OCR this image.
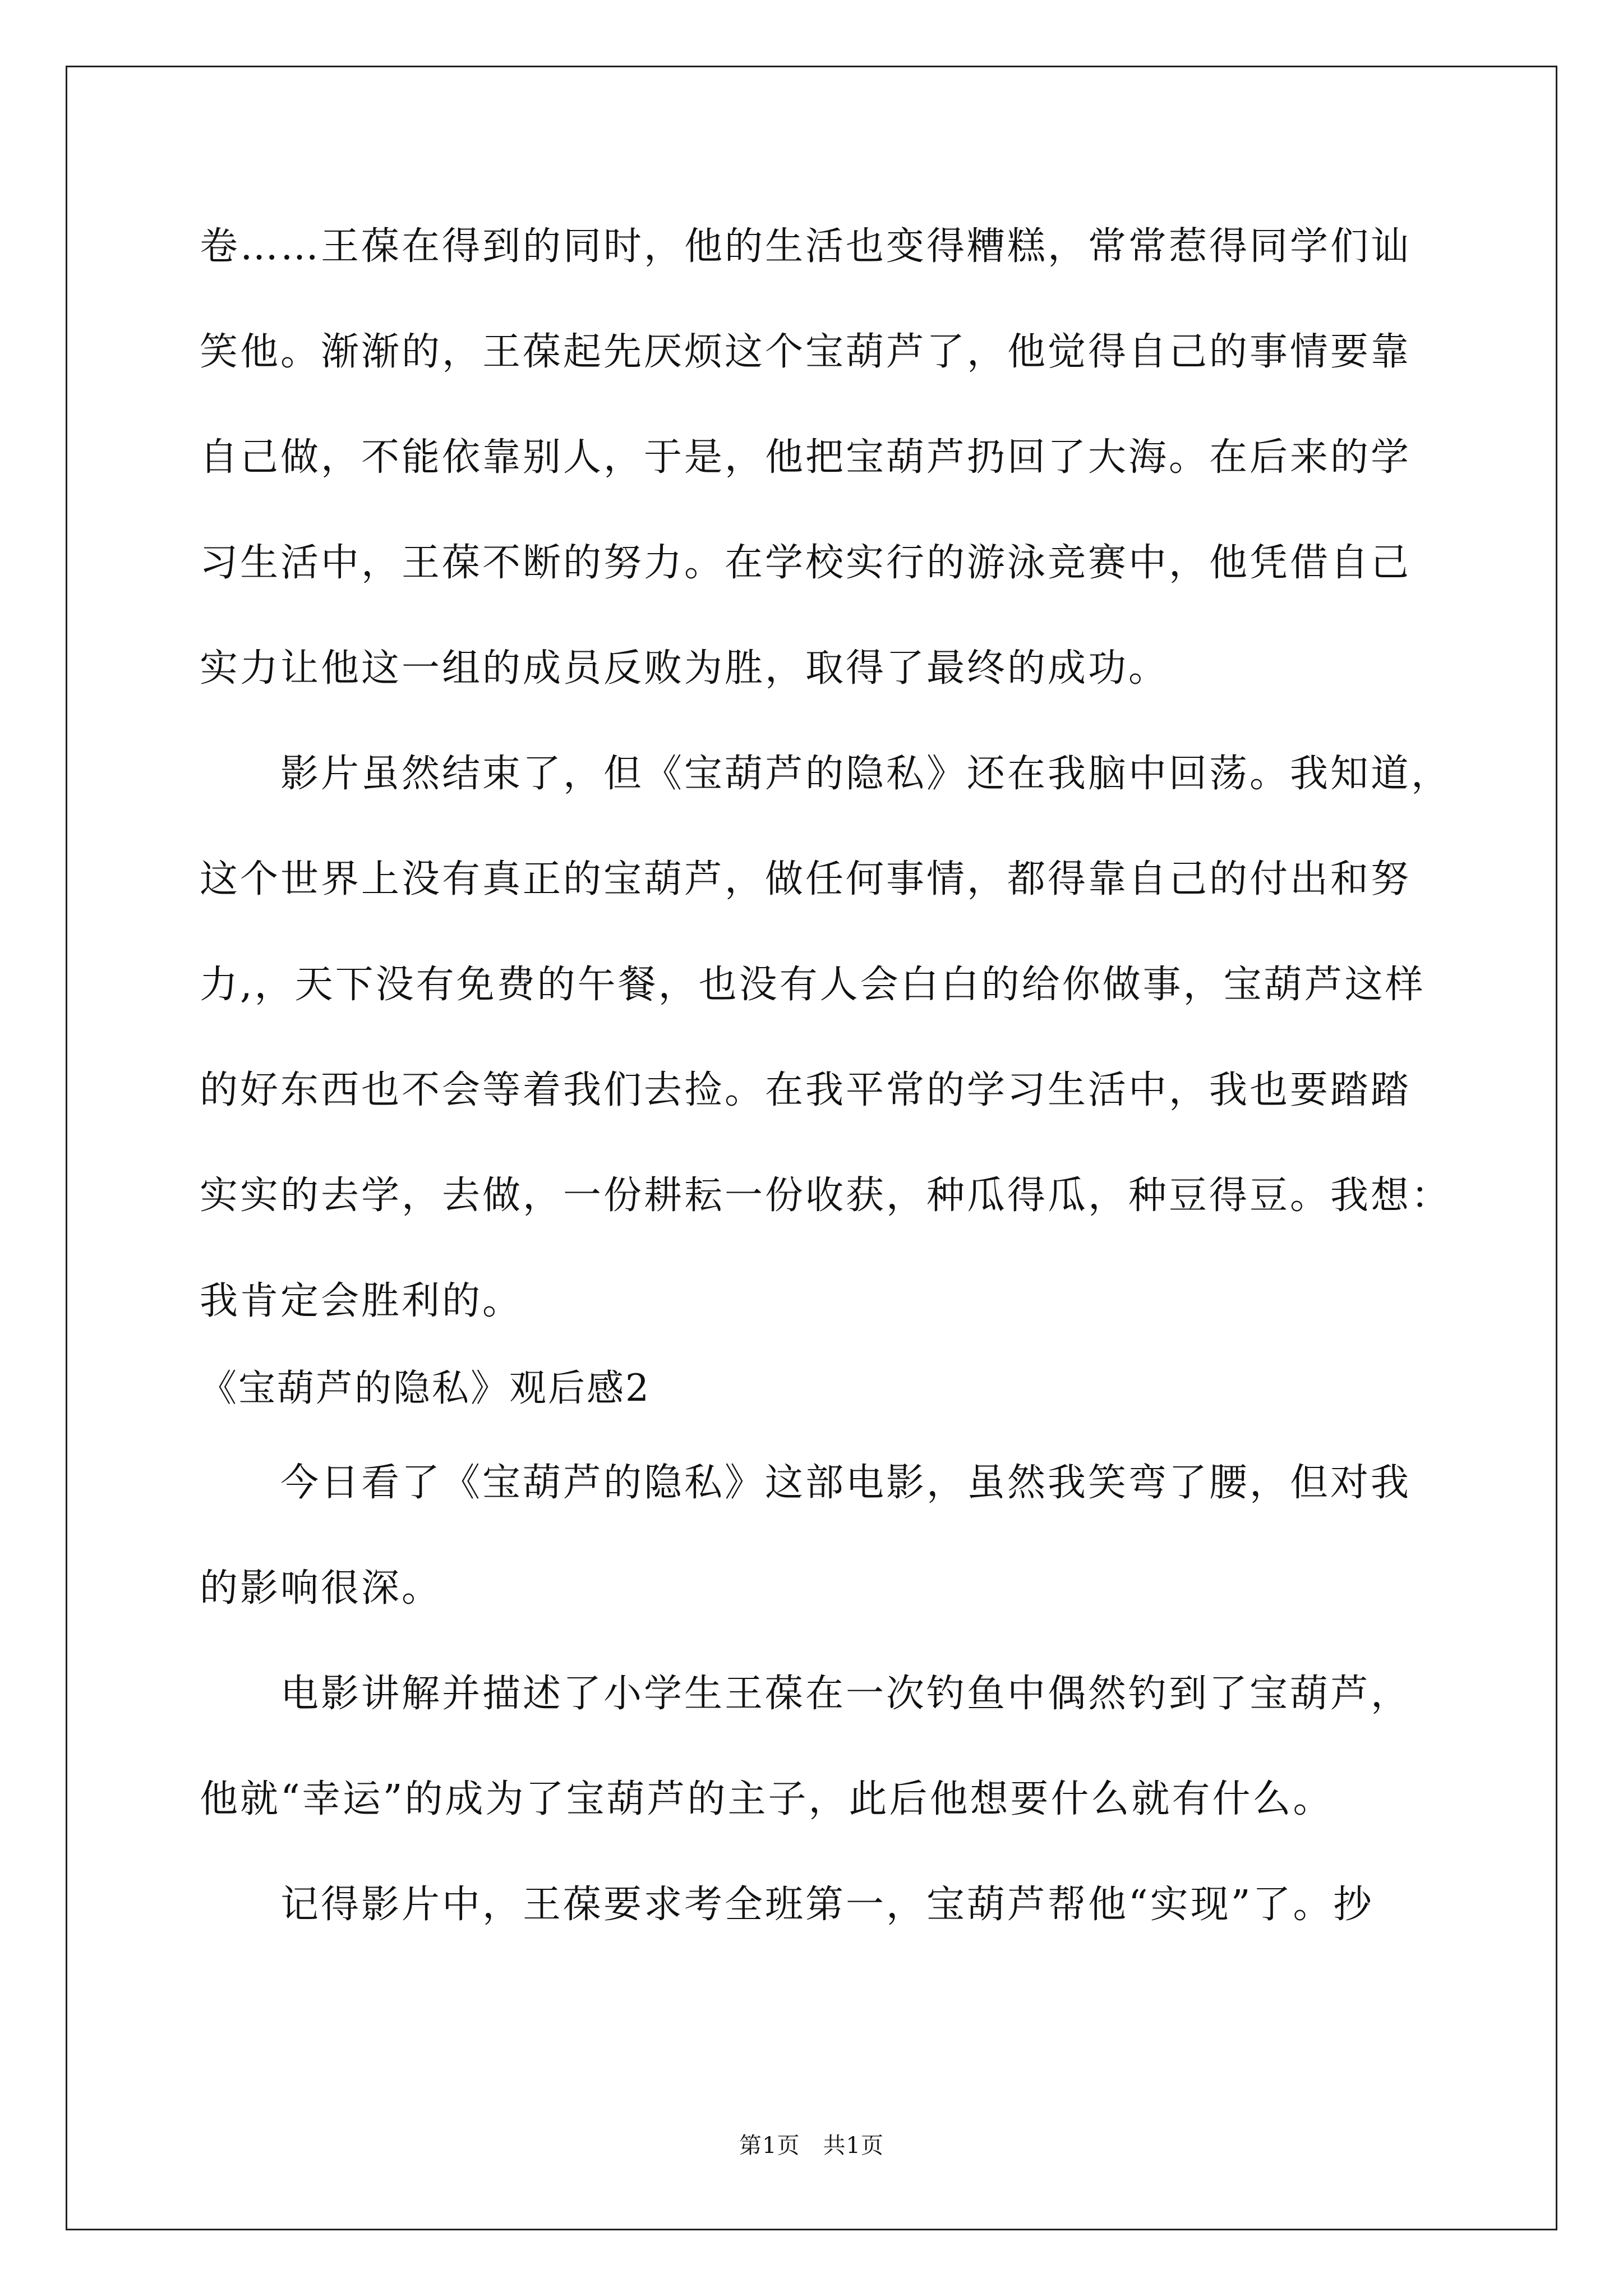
卷……王葆在得到的同时，他的生活也变得糟糕，常常惹得同学们讪
笑他。渐渐的，王葆起先厌烦这个宝葫芦了，他觉得自己的事情要靠
自己做，不能依靠别人，于是，他把宝葫芦扔回了大海。在后来的学
习生活中，王葆不断的努力。在学校实行的游泳竞赛中，他凭借自己
实力让他这一组的成员反败为胜，取得了最终的成功。
影片虽然结束了，但《宝葫芦的隐私》还在我脑中回荡。我知道，
这个世界上没有真正的宝葫芦，做任何事情，都得靠自己的付出和努
力,，天下没有免费的午餐，也没有人会白白的给你做事，宝葫芦这样
的好东西也不会等着我们去捡。在我平常的学习生活中，我也要踏踏
实实的去学，去做，一份耕耘一份收获，种瓜得瓜，种豆得豆。我想：
我肯定会胜利的。
《宝葫芦的隐私》观后感2
今日看了《宝葫芦的隐私》这部电影，虽然我笑弯了腰，但对我
的影响很深。
电影讲解并描述了小学生王葆在一次钓鱼中偶然钓到了宝葫芦，
他就“幸运”的成为了宝葫芦的主子，此后他想要什么就有什么。
记得影片中，王葆要求考全班第一，宝葫芦帮他“实现”了。抄
第1页　共1页
